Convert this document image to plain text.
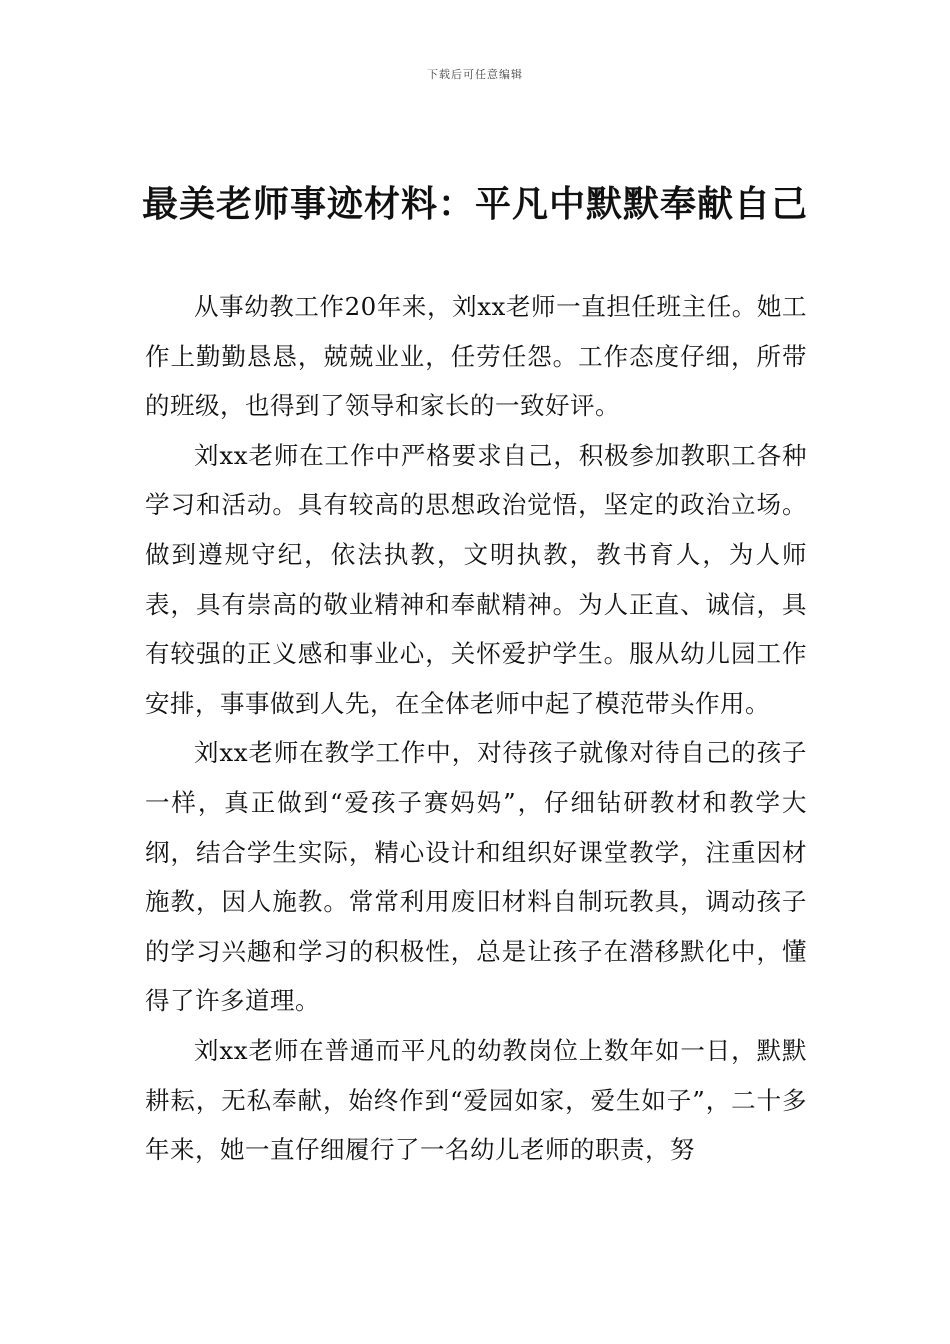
下载后可任意编辑
最美老师事迹材料：平凡中默默奉献自己

从事幼教工作20年来，刘xx老师一直担任班主任。她工作上勤勤恳恳，兢兢业业，任劳任怨。工作态度仔细，所带的班级，也得到了领导和家长的一致好评。

刘xx老师在工作中严格要求自己，积极参加教职工各种学习和活动。具有较高的思想政治觉悟，坚定的政治立场。做到遵规守纪，依法执教，文明执教，教书育人，为人师表，具有崇高的敬业精神和奉献精神。为人正直、诚信，具有较强的正义感和事业心，关怀爱护学生。服从幼儿园工作安排，事事做到人先，在全体老师中起了模范带头作用。

刘xx老师在教学工作中，对待孩子就像对待自己的孩子一样，真正做到“爱孩子赛妈妈”，仔细钻研教材和教学大纲，结合学生实际，精心设计和组织好课堂教学，注重因材施教，因人施教。常常利用废旧材料自制玩教具，调动孩子的学习兴趣和学习的积极性，总是让孩子在潜移默化中，懂得了许多道理。

刘xx老师在普通而平凡的幼教岗位上数年如一日，默默耕耘，无私奉献，始终作到“爱园如家，爱生如子”，二十多年来，她一直仔细履行了一名幼儿老师的职责，努
